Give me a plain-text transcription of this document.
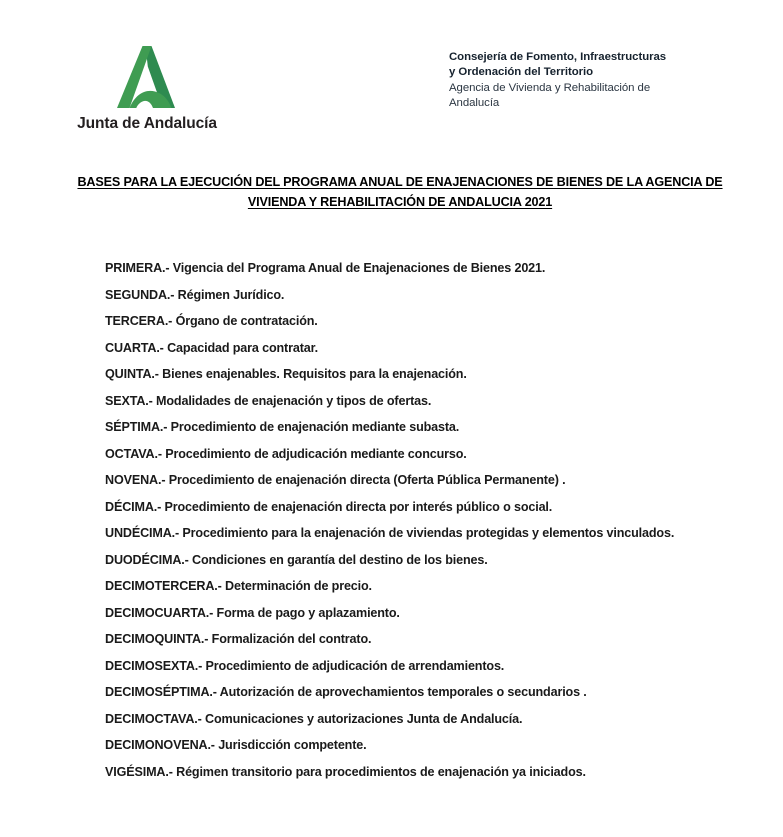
Junta de Andalucía
Consejería de Fomento, Infraestructuras
y Ordenación del Territorio
Agencia de Vivienda y Rehabilitación de
Andalucía
BASES PARA LA EJECUCIÓN DEL PROGRAMA ANUAL DE ENAJENACIONES DE BIENES DE LA AGENCIA DE
VIVIENDA Y REHABILITACIÓN DE ANDALUCIA 2021
PRIMERA.- Vigencia del Programa Anual de Enajenaciones de Bienes 2021.
SEGUNDA.- Régimen Jurídico.
TERCERA.- Órgano de contratación.
CUARTA.- Capacidad para contratar.
QUINTA.- Bienes enajenables. Requisitos para la enajenación.
SEXTA.- Modalidades de enajenación y tipos de ofertas.
SÉPTIMA.- Procedimiento de enajenación mediante subasta.
OCTAVA.- Procedimiento de adjudicación mediante concurso.
NOVENA.- Procedimiento de enajenación directa (Oferta Pública Permanente) .
DÉCIMA.- Procedimiento de enajenación directa por interés público o social.
UNDÉCIMA.- Procedimiento para la enajenación de viviendas protegidas y elementos vinculados.
DUODÉCIMA.- Condiciones en garantía del destino de los bienes.
DECIMOTERCERA.- Determinación de precio.
DECIMOCUARTA.- Forma de pago y aplazamiento.
DECIMOQUINTA.- Formalización del contrato.
DECIMOSEXTA.- Procedimiento de adjudicación de arrendamientos.
DECIMOSÉPTIMA.- Autorización de aprovechamientos temporales o secundarios .
DECIMOCTAVA.- Comunicaciones y autorizaciones Junta de Andalucía.
DECIMONOVENA.- Jurisdicción competente.
VIGÉSIMA.- Régimen transitorio para procedimientos de enajenación ya iniciados.
